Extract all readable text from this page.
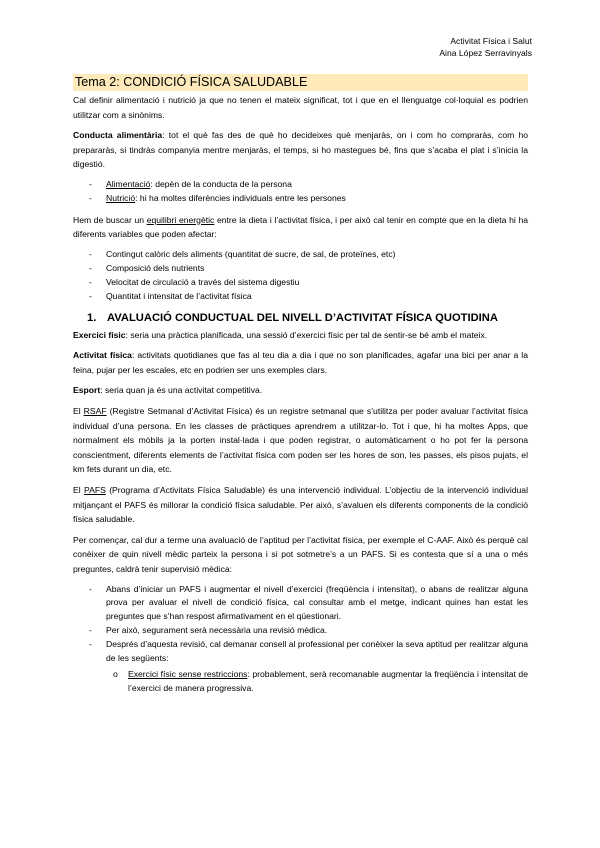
Activitat Física i Salut
Aina López Serravinyals
Tema 2: CONDICIÓ FÍSICA SALUDABLE

Cal definir alimentació i nutrició ja que no tenen el mateix significat, tot i que en el llenguatge col·loquial es podrien utilitzar com a sinònims.

Conducta alimentària: tot el què fas des de què ho decideixes què menjaràs, on i com ho compraràs, com ho prepararàs, si tindràs companyia mentre menjaràs, el temps, si ho mastegues bé, fins que s’acaba el plat i s’inicia la digestió.

- Alimentació: depèn de la conducta de la persona
- Nutrició: hi ha moltes diferències individuals entre les persones

Hem de buscar un equilibri energètic entre la dieta i l’activitat física, i per això cal tenir en compte que en la dieta hi ha diferents variables que poden afectar:

- Contingut calòric dels aliments (quantitat de sucre, de sal, de proteïnes, etc)
- Composició dels nutrients
- Velocitat de circulació a través del sistema digestiu
- Quantitat i intensitat de l’activitat física
1. AVALUACIÓ CONDUCTUAL DEL NIVELL D’ACTIVITAT FÍSICA QUOTIDINA

Exercici físic: seria una pràctica planificada, una sessió d’exercici físic per tal de sentir-se bé amb el mateix.

Activitat física: activitats quotidianes que fas al teu dia a dia i que no son planificades, agafar una bici per anar a la feina, pujar per les escales, etc en podrien ser uns exemples clars.

Esport: seria quan ja és una activitat competitiva.

El RSAF (Registre Setmanal d’Activitat Física) és un registre setmanal que s’utilitza per poder avaluar l’activitat física individual d’una persona. En les classes de pràctiques aprendrem a utilitzar-lo. Tot i que, hi ha moltes Apps, que normalment els mòbils ja la porten instal·lada i que poden registrar, o automàticament o ho pot fer la persona conscientment, diferents elements de l’activitat física com poden ser les hores de son, les passes, els pisos pujats, el km fets durant un dia, etc.

El PAFS (Programa d’Activitats Física Saludable) és una intervenció individual. L’objectiu de la intervenció individual mitjançant el PAFS és millorar la condició física saludable. Per això, s’avaluen els diferents components de la condició física saludable.

Per començar, cal dur a terme una avaluació de l’aptitud per l’activitat física, per exemple el C-AAF. Això és perquè cal conèixer de quin nivell mèdic parteix la persona i si pot sotmetre’s a un PAFS. Si es contesta que sí a una o més preguntes, caldrà tenir supervisió mèdica:

- Abans d’iniciar un PAFS i augmentar el nivell d’exercici (freqüència i intensitat), o abans de realitzar alguna prova per avaluar el nivell de condició física, cal consultar amb el metge, indicant quines han estat les preguntes que s’han respost afirmativament en el qüestionari.
- Per això, segurament serà necessària una revisió mèdica.
- Després d’aquesta revisió, cal demanar consell al professional per conèixer la seva aptitud per realitzar alguna de les següents:
o Exercici físic sense restriccions: probablement, serà recomanable augmentar la freqüència i intensitat de l’exercici de manera progressiva.
